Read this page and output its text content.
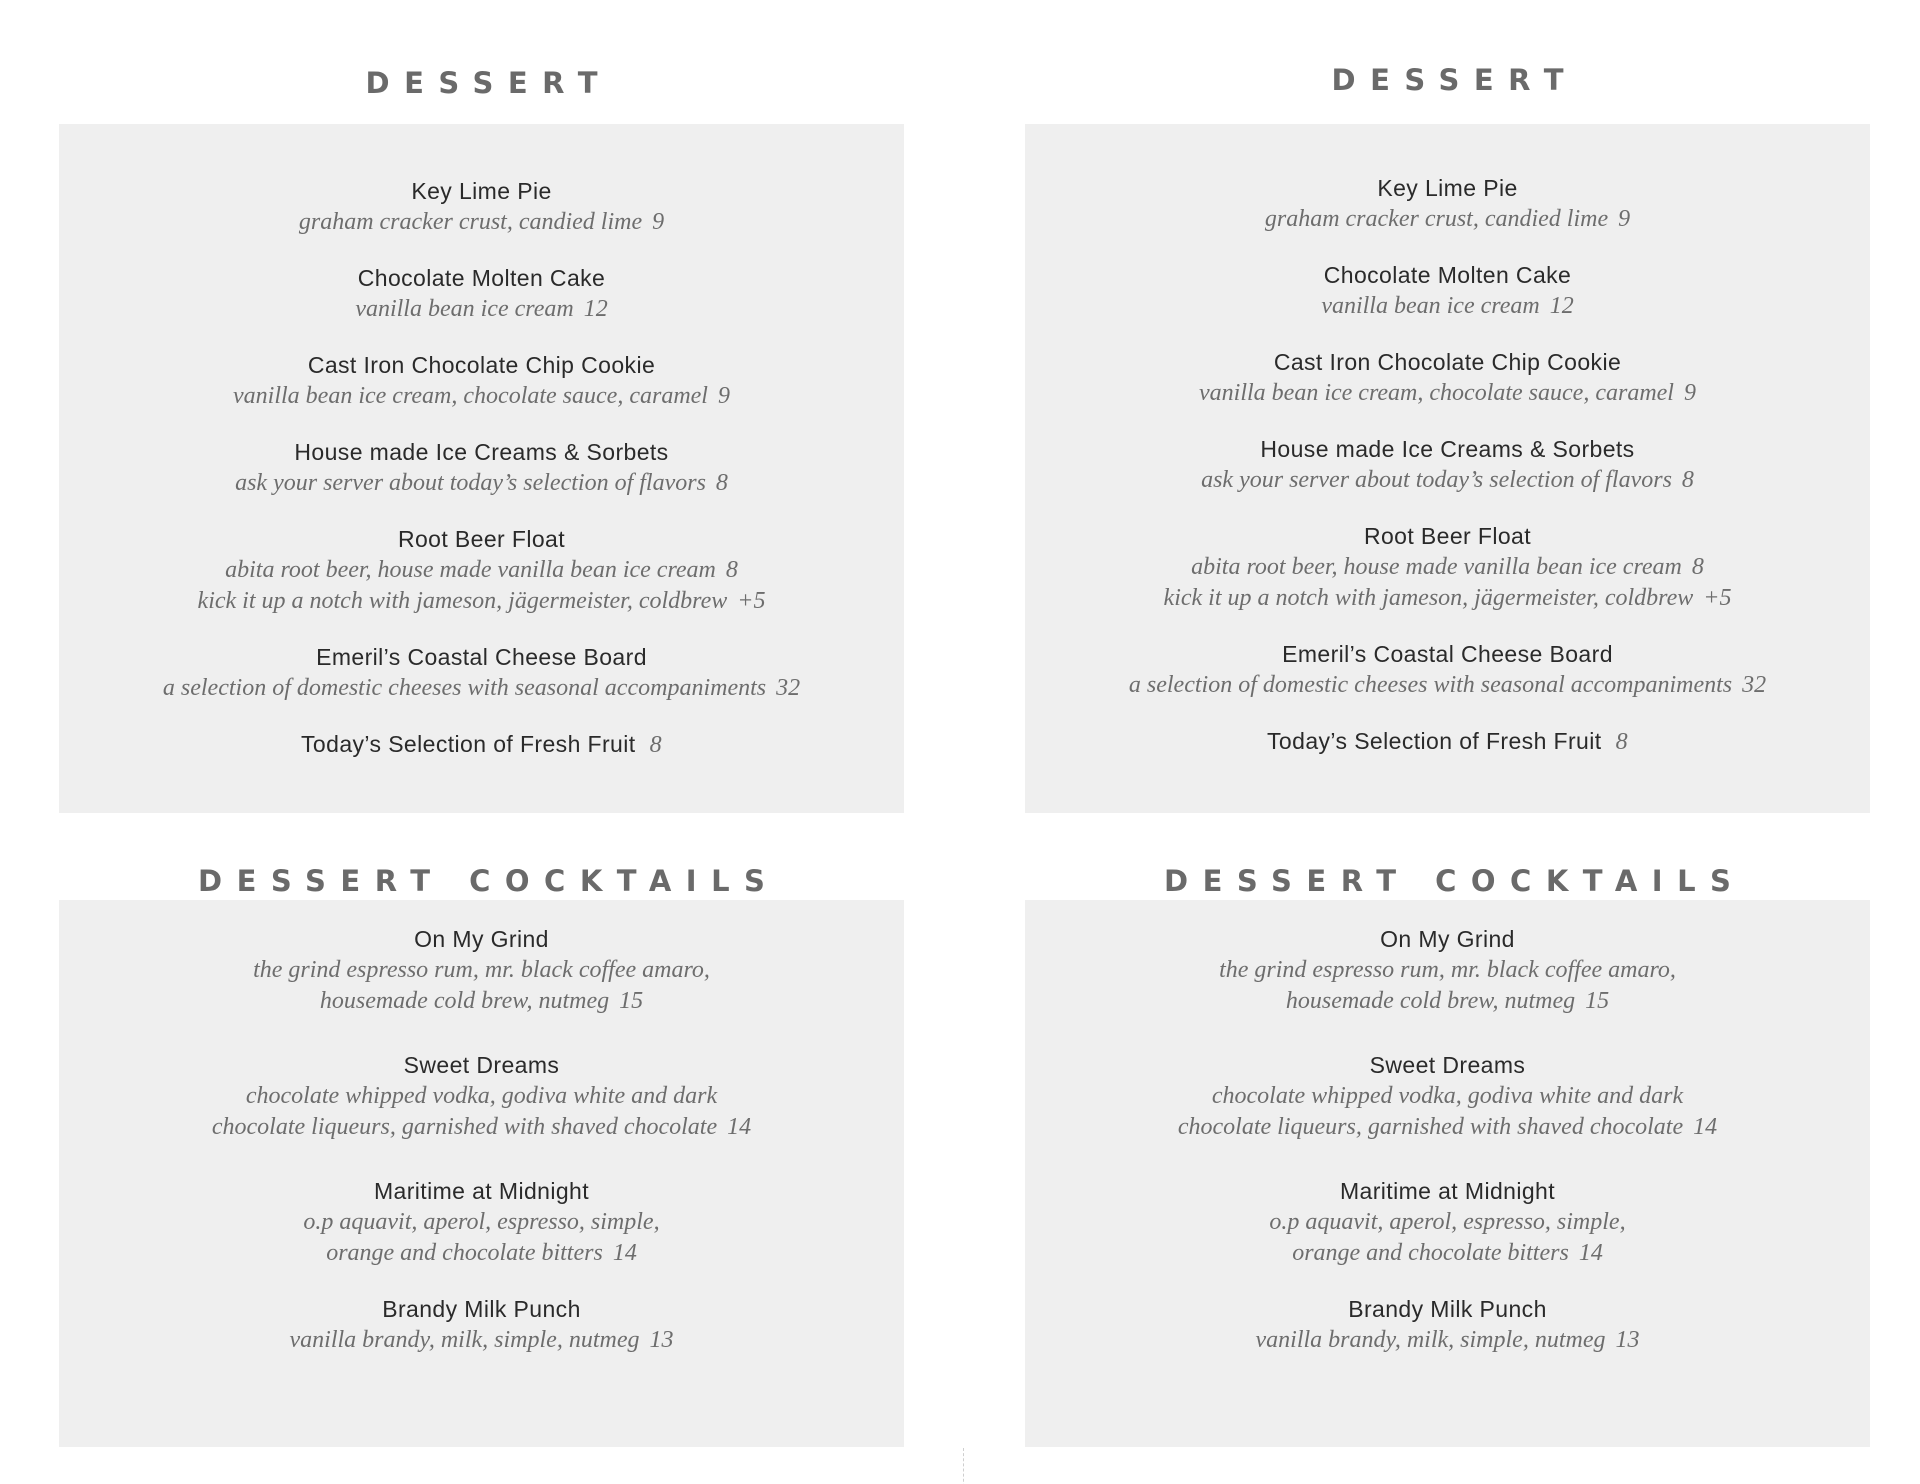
DESSERT
Key Lime Pie
graham cracker crust, candied lime 9
Chocolate Molten Cake
vanilla bean ice cream 12
Cast Iron Chocolate Chip Cookie
vanilla bean ice cream, chocolate sauce, caramel 9
House made Ice Creams & Sorbets
ask your server about today’s selection of flavors 8
Root Beer Float
abita root beer, house made vanilla bean ice cream 8
kick it up a notch with jameson, jägermeister, coldbrew +5
Emeril’s Coastal Cheese Board
a selection of domestic cheeses with seasonal accompaniments 32
Today’s Selection of Fresh Fruit 8
DESSERT COCKTAILS
On My Grind
the grind espresso rum, mr. black coffee amaro,
housemade cold brew, nutmeg 15
Sweet Dreams
chocolate whipped vodka, godiva white and dark
chocolate liqueurs, garnished with shaved chocolate 14
Maritime at Midnight
o.p aquavit, aperol, espresso, simple,
orange and chocolate bitters 14
Brandy Milk Punch
vanilla brandy, milk, simple, nutmeg 13
DESSERT
Key Lime Pie
graham cracker crust, candied lime 9
Chocolate Molten Cake
vanilla bean ice cream 12
Cast Iron Chocolate Chip Cookie
vanilla bean ice cream, chocolate sauce, caramel 9
House made Ice Creams & Sorbets
ask your server about today’s selection of flavors 8
Root Beer Float
abita root beer, house made vanilla bean ice cream 8
kick it up a notch with jameson, jägermeister, coldbrew +5
Emeril’s Coastal Cheese Board
a selection of domestic cheeses with seasonal accompaniments 32
Today’s Selection of Fresh Fruit 8
DESSERT COCKTAILS
On My Grind
the grind espresso rum, mr. black coffee amaro,
housemade cold brew, nutmeg 15
Sweet Dreams
chocolate whipped vodka, godiva white and dark
chocolate liqueurs, garnished with shaved chocolate 14
Maritime at Midnight
o.p aquavit, aperol, espresso, simple,
orange and chocolate bitters 14
Brandy Milk Punch
vanilla brandy, milk, simple, nutmeg 13
